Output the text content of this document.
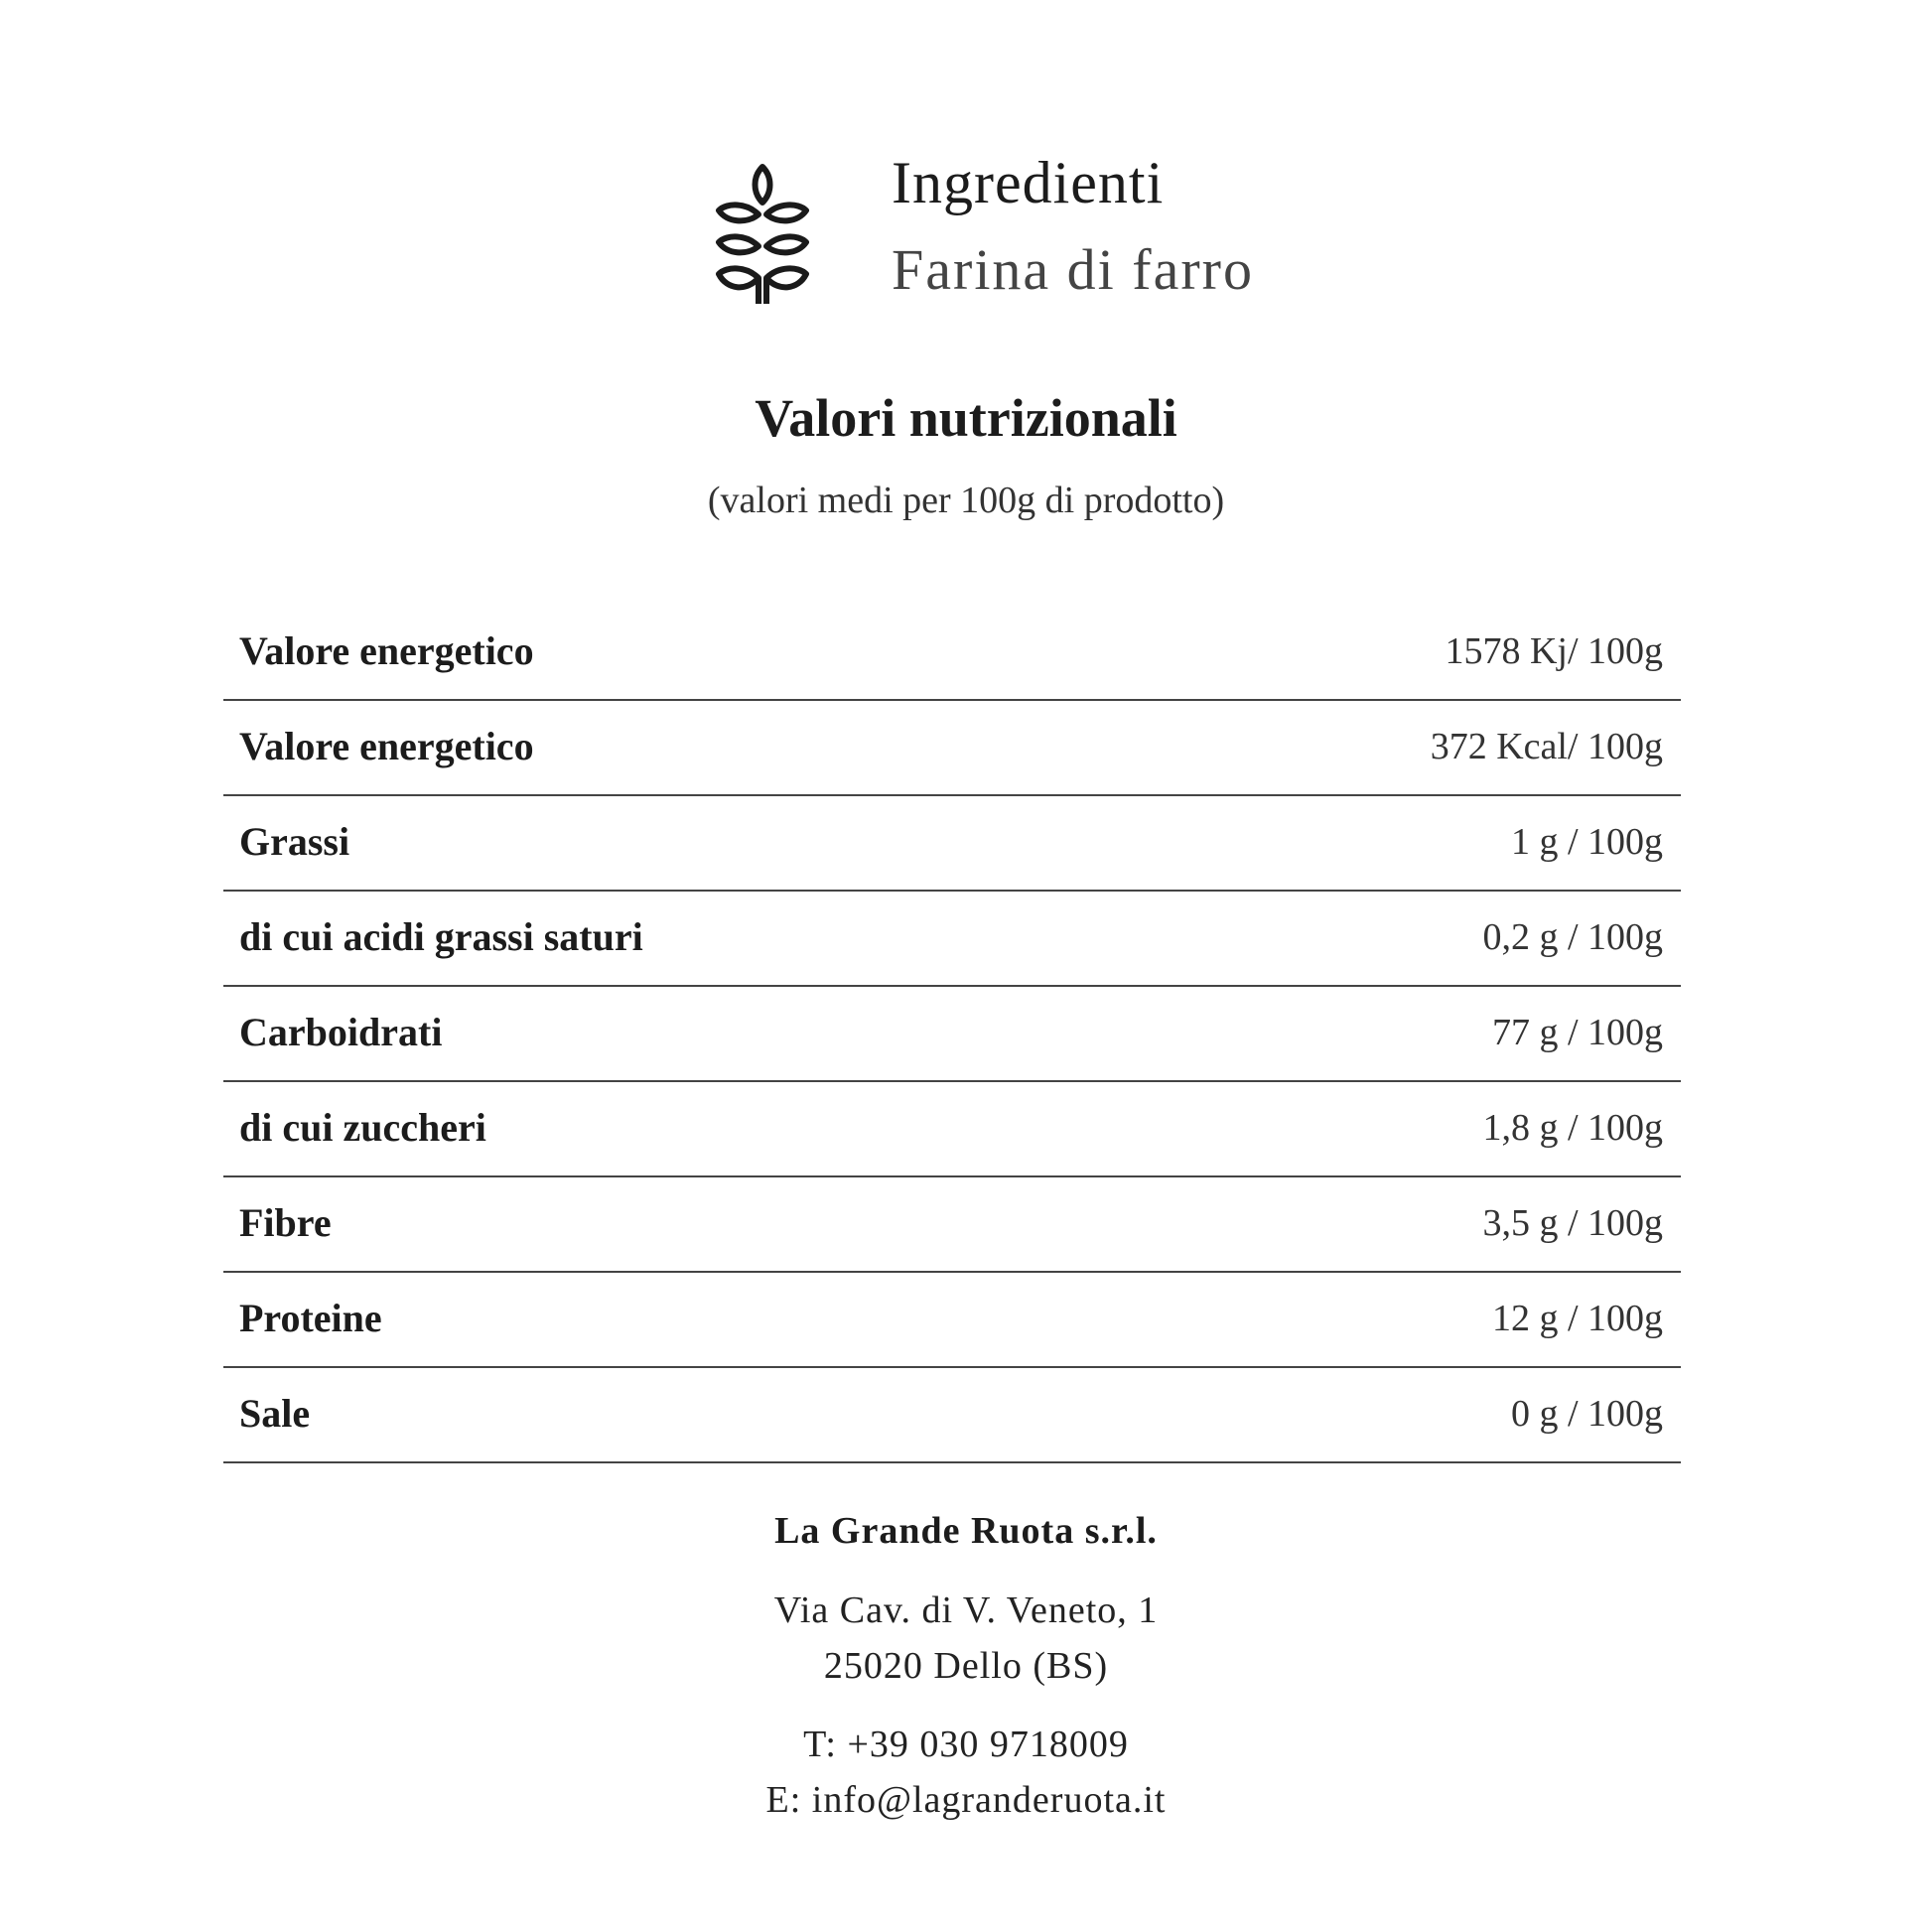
Ingredienti
Farina di farro
Valori nutrizionali
(valori medi per 100g di prodotto)
Valore energetico	1578 Kj/ 100g
Valore energetico	372 Kcal/ 100g
Grassi	1 g / 100g
di cui acidi grassi saturi	0,2 g / 100g
Carboidrati	77 g / 100g
di cui zuccheri	1,8 g / 100g
Fibre	3,5 g / 100g
Proteine	12 g / 100g
Sale	0 g / 100g
La Grande Ruota s.r.l.
Via Cav. di V. Veneto, 1
25020 Dello (BS)
T: +39 030 9718009
E: info@lagranderuota.it
